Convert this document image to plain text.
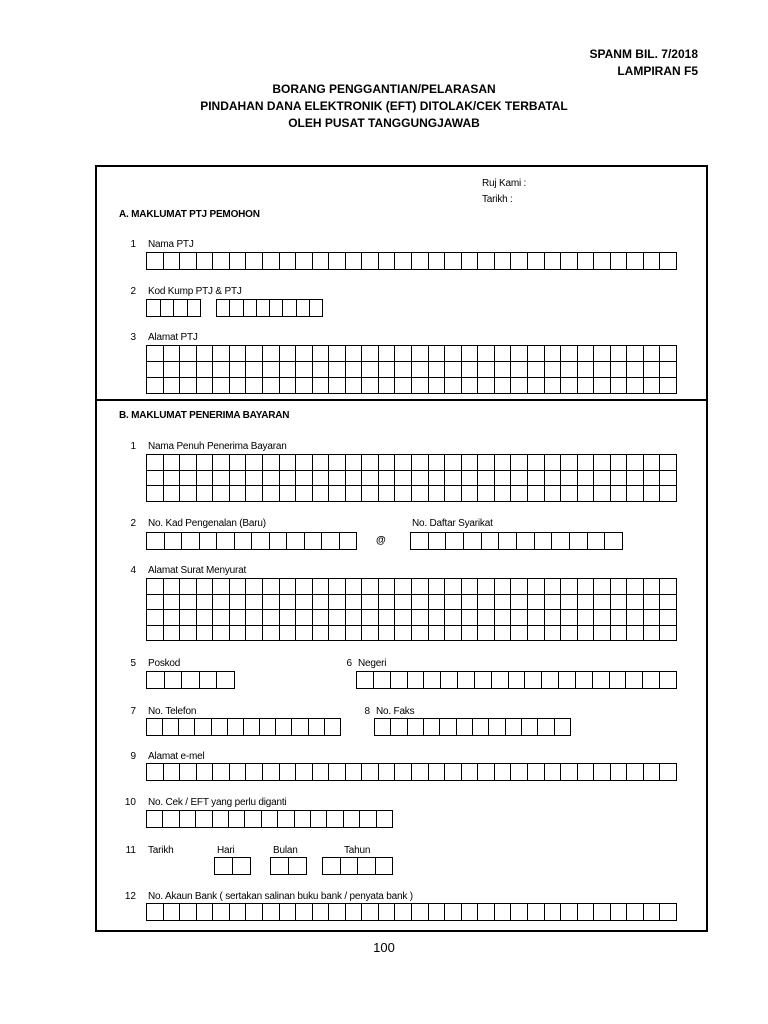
SPANM BIL. 7/2018
LAMPIRAN F5
BORANG PENGGANTIAN/PELARASAN
PINDAHAN DANA ELEKTRONIK (EFT) DITOLAK/CEK TERBATAL
OLEH PUSAT TANGGUNGJAWAB
Ruj Kami :
Tarikh :
A. MAKLUMAT PTJ PEMOHON
1 Nama PTJ
2 Kod Kump PTJ & PTJ
3 Alamat PTJ
B. MAKLUMAT PENERIMA BAYARAN
1 Nama Penuh Penerima Bayaran
2 No. Kad Pengenalan (Baru)	No. Daftar Syarikat
@
4 Alamat Surat Menyurat
5 Poskod	6 Negeri
7 No. Telefon	8 No. Faks
9 Alamat e-mel
10 No. Cek / EFT yang perlu diganti
11 Tarikh	Hari	Bulan	Tahun
12 No. Akaun Bank ( sertakan salinan buku bank / penyata bank )
100
